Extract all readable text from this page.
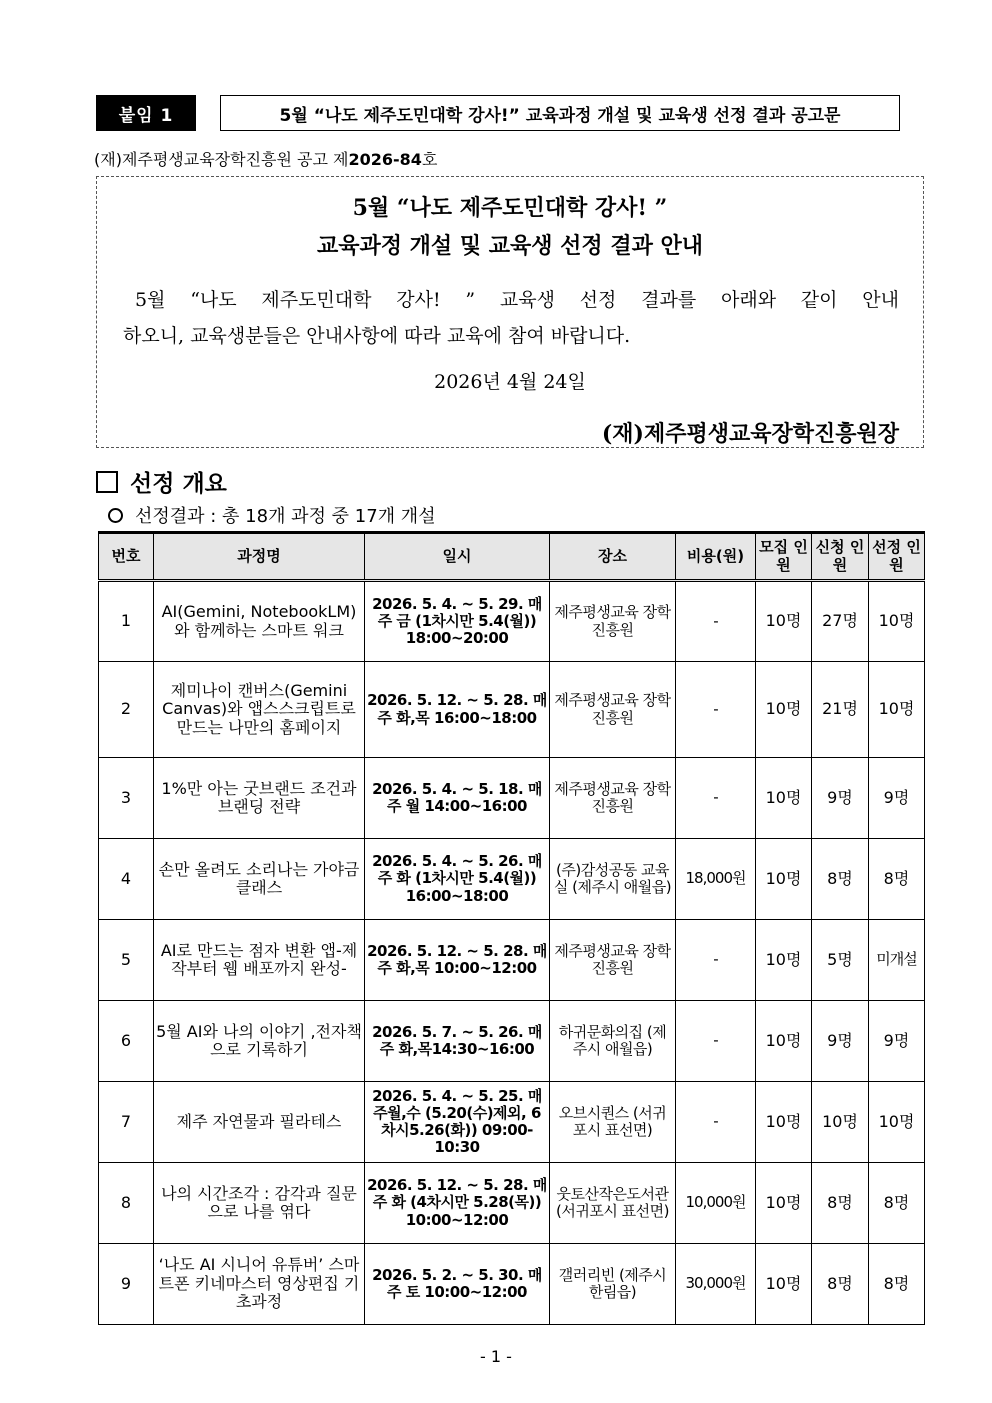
붙임 1	5월 “나도 제주도민대학 강사!” 교육과정 개설 및 교육생 선정 결과 공고문
(재)제주평생교육장학진흥원 공고 제2026-84호
5월 “나도 제주도민대학 강사! ”
교육과정 개설 및 교육생 선정 결과 안내
5월 “나도 제주도민대학 강사! ” 교육생 선정 결과를 아래와 같이 안내
하오니, 교육생분들은 안내사항에 따라 교육에 참여 바랍니다.
2026년 4월 24일
(재)제주평생교육장학진흥원장
선정 개요
선정결과 : 총 18개 과정 중 17개 개설
번호	과정명	일시	장소	비용(원)	모집 인원	신청 인원	선정 인원
1	AI(Gemini, NotebookLM)와 함께하는 스마트 워크	2026. 5. 4. ~ 5. 29. 매주 금 (1차시만 5.4(월)) 18:00~20:00	제주평생교육 장학진흥원	-	10명	27명	10명
2	제미나이 캔버스(Gemini Canvas)와 앱스스크립트로 만드는 나만의 홈페이지	2026. 5. 12. ~ 5. 28. 매주 화,목 16:00~18:00	제주평생교육 장학진흥원	-	10명	21명	10명
3	1%만 아는 굿브랜드 조건과 브랜딩 전략	2026. 5. 4. ~ 5. 18. 매주 월 14:00~16:00	제주평생교육 장학진흥원	-	10명	9명	9명
4	손만 올려도 소리나는 가야금 클래스	2026. 5. 4. ~ 5. 26. 매주 화 (1차시만 5.4(월)) 16:00~18:00	(주)감성공동 교육실 (제주시 애월읍)	18,000원	10명	8명	8명
5	AI로 만드는 점자 변환 앱-제작부터 웹 배포까지 완성-	2026. 5. 12. ~ 5. 28. 매주 화,목 10:00~12:00	제주평생교육 장학진흥원	-	10명	5명	미개설
6	5월 AI와 나의 이야기 ,전자책으로 기록하기	2026. 5. 7. ~ 5. 26. 매주 화,목14:30~16:00	하귀문화의집 (제주시 애월읍)	-	10명	9명	9명
7	제주 자연물과 필라테스	2026. 5. 4. ~ 5. 25. 매주월,수 (5.20(수)제외, 6차시5.26(화)) 09:00-10:30	오브시퀀스 (서귀포시 표선면)	-	10명	10명	10명
8	나의 시간조각 : 감각과 질문으로 나를 엮다	2026. 5. 12. ~ 5. 28. 매주 화 (4차시만 5.28(목)) 10:00~12:00	웃토산작은도서관 (서귀포시 표선면)	10,000원	10명	8명	8명
9	‘나도 AI 시니어 유튜버’ 스마트폰 키네마스터 영상편집 기초과정	2026. 5. 2. ~ 5. 30. 매주 토 10:00~12:00	갤러리빈 (제주시 한림읍)	30,000원	10명	8명	8명
- 1 -
